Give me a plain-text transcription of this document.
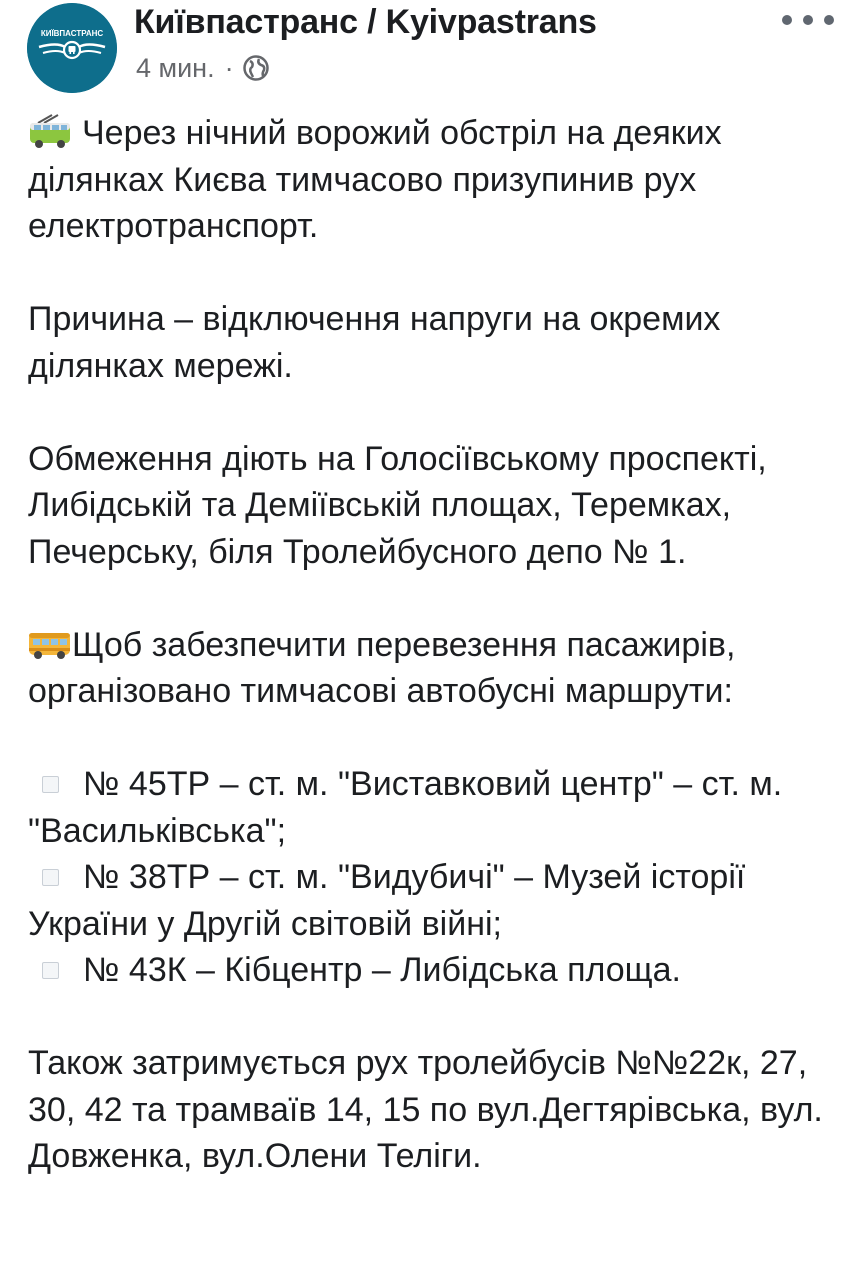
КИЇВПАСТРАНС Київпастранс / Kyivpastrans
4 мин. ·

Через нічний ворожий обстріл на деяких ділянках Києва тимчасово призупинив рух електротранспорт.

Причина – відключення напруги на окремих ділянках мережі.

Обмеження діють на Голосіївському проспекті, Либідській та Деміївській площах, Теремках, Печерську, біля Тролейбусного депо № 1.

Щоб забезпечити перевезення пасажирів, організовано тимчасові автобусні маршрути:

№ 45ТР – ст. м. "Виставковий центр" – ст. м. "Васильківська";

№ 38ТР – ст. м. "Видубичі" – Музей історії України у Другій світовій війні;

№ 43К – Кібцентр – Либідська площа.

Також затримується рух тролейбусів №№22к, 27, 30, 42 та трамваїв 14, 15 по вул.Дегтярівська, вул. Довженка, вул.Олени Теліги.
